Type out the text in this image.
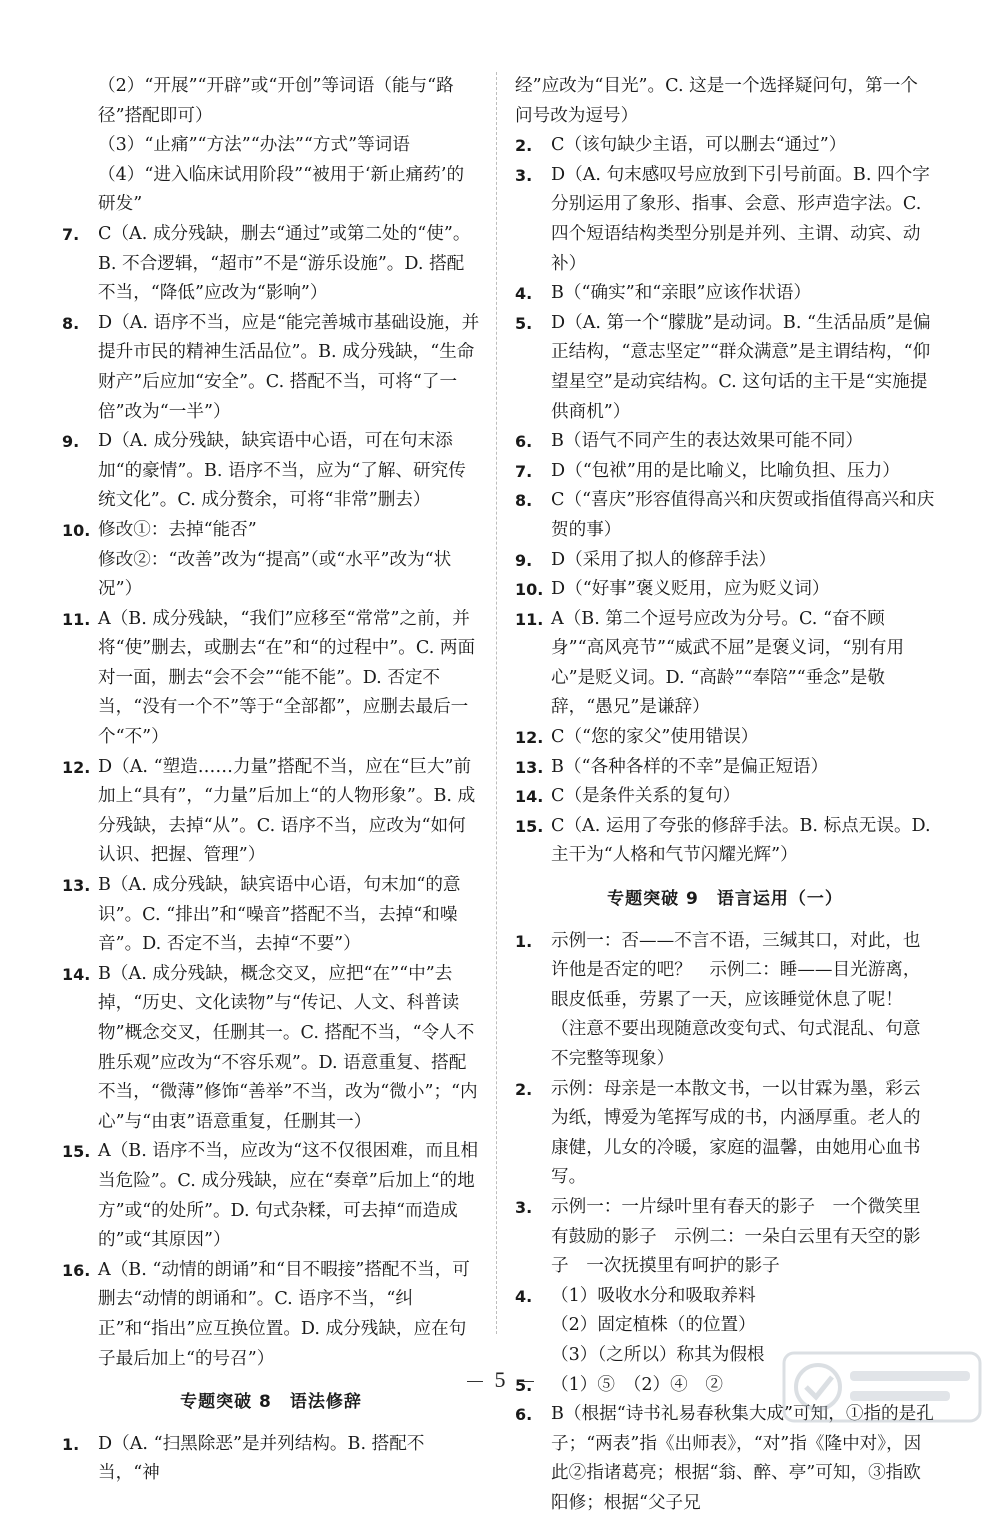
（2）“开展”“开辟”或“开创”等词语（能与“路径”搭配即可）

（3）“止痛”“方法”“办法”“方式”等词语

（4）“进入临床试用阶段”“被用于‘新止痛药’的研发”

7. C（A. 成分残缺，删去“通过”或第二处的“使”。B. 不合逻辑，“超市”不是“游乐设施”。D. 搭配不当，“降低”应改为“影响”）
8. D（A. 语序不当，应是“能完善城市基础设施，并提升市民的精神生活品位”。B. 成分残缺，“生命财产”后应加“安全”。C. 搭配不当，可将“了一倍”改为“一半”）
9. D（A. 成分残缺，缺宾语中心语，可在句末添加“的豪情”。B. 语序不当，应为“了解、研究传统文化”。C. 成分赘余，可将“非常”删去）
10. 修改①：去掉“能否”
修改②：“改善”改为“提高”（或“水平”改为“状况”）
11. A（B. 成分残缺，“我们”应移至“常常”之前，并将“使”删去，或删去“在”和“的过程中”。C. 两面对一面，删去“会不会”“能不能”。D. 否定不当，“没有一个不”等于“全部都”，应删去最后一个“不”）
12. D（A. “塑造……力量”搭配不当，应在“巨大”前加上“具有”，“力量”后加上“的人物形象”。B. 成分残缺，去掉“从”。C. 语序不当，应改为“如何认识、把握、管理”）
13. B（A. 成分残缺，缺宾语中心语，句末加“的意识”。C. “排出”和“噪音”搭配不当，去掉“和噪音”。D. 否定不当，去掉“不要”）
14. B（A. 成分残缺，概念交叉，应把“在”“中”去掉，“历史、文化读物”与“传记、人文、科普读物”概念交叉，任删其一。C. 搭配不当，“令人不胜乐观”应改为“不容乐观”。D. 语意重复、搭配不当，“微薄”修饰“善举”不当，改为“微小”；“内心”与“由衷”语意重复，任删其一）
15. A（B. 语序不当，应改为“这不仅很困难，而且相当危险”。C. 成分残缺，应在“奏章”后加上“的地方”或“的处所”。D. 句式杂糅，可去掉“而造成的”或“其原因”）
16. A（B. “动情的朗诵”和“目不暇接”搭配不当，可删去“动情的朗诵和”。C. 语序不当，“纠正”和“指出”应互换位置。D. 成分残缺，应在句子最后加上“的号召”）
专题突破 8　语法修辞
1. D（A. “扫黑除恶”是并列结构。B. 搭配不当，“神

经”应改为“目光”。C. 这是一个选择疑问句，第一个问号改为逗号）

2. C（该句缺少主语，可以删去“通过”）
3. D（A. 句末感叹号应放到下引号前面。B. 四个字分别运用了象形、指事、会意、形声造字法。C. 四个短语结构类型分别是并列、主谓、动宾、动补）
4. B（“确实”和“亲眼”应该作状语）
5. D（A. 第一个“朦胧”是动词。B. “生活品质”是偏正结构，“意志坚定”“群众满意”是主谓结构，“仰望星空”是动宾结构。C. 这句话的主干是“实施提供商机”）
6. B（语气不同产生的表达效果可能不同）
7. D（“包袱”用的是比喻义，比喻负担、压力）
8. C（“喜庆”形容值得高兴和庆贺或指值得高兴和庆贺的事）
9. D（采用了拟人的修辞手法）
10. D（“好事”褒义贬用，应为贬义词）
11. A（B. 第二个逗号应改为分号。C. “奋不顾身”“高风亮节”“威武不屈”是褒义词，“别有用心”是贬义词。D. “高龄”“奉陪”“垂念”是敬辞，“愚兄”是谦辞）
12. C（“您的家父”使用错误）
13. B（“各种各样的不幸”是偏正短语）
14. C（是条件关系的复句）
15. C（A. 运用了夸张的修辞手法。B. 标点无误。D. 主干为“人格和气节闪耀光辉”）
专题突破 9　语言运用（一）
1. 示例一：否——不言不语，三缄其口，对此，也许他是否定的吧？　示例二：睡——目光游离，眼皮低垂，劳累了一天，应该睡觉休息了呢！（注意不要出现随意改变句式、句式混乱、句意不完整等现象）
2. 示例：母亲是一本散文书，一以甘霖为墨，彩云为纸，博爱为笔挥写成的书，内涵厚重。老人的康健，儿女的冷暖，家庭的温馨，由她用心血书写。
3. 示例一：一片绿叶里有春天的影子　一个微笑里有鼓励的影子　示例二：一朵白云里有天空的影子　一次抚摸里有呵护的影子
4. （1）吸收水分和吸取养料
（2）固定植株（的位置）
（3）（之所以）称其为假根
5. （1）⑤　（2）④　②
6. B（根据“诗书礼易春秋集大成”可知，①指的是孔子；“两表”指《出师表》，“对”指《隆中对》，因此②指诸葛亮；根据“翁、醉、亭”可知，③指欧阳修；根据“父子兄
5
